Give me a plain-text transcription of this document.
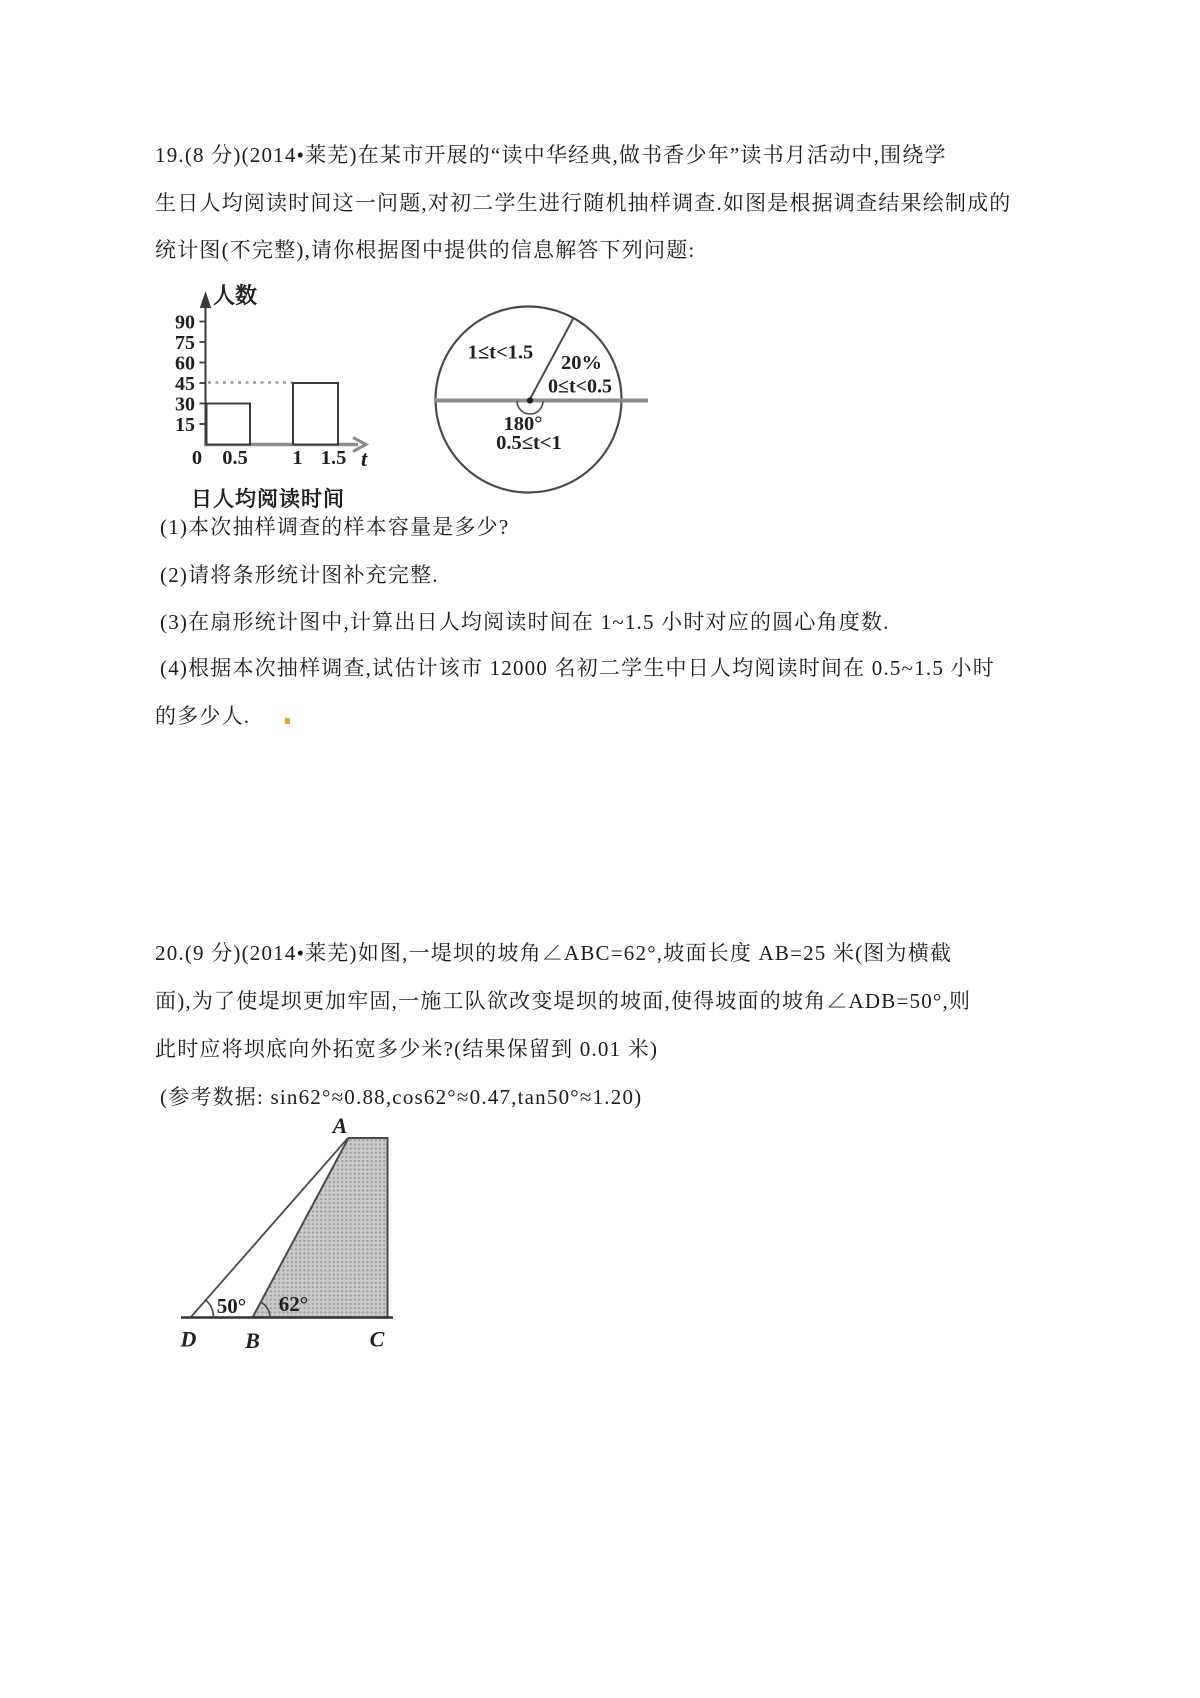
19.(8 分)(2014•莱芜)在某市开展的“读中华经典,做书香少年”读书月活动中,围绕学
生日人均阅读时间这一问题,对初二学生进行随机抽样调查.如图是根据调查结果绘制成的
统计图(不完整),请你根据图中提供的信息解答下列问题:
90
75
60
45
30
15
人数
0 0.5 1 1.5 t
1≤t<1.5 20%
0≤t<0.5
180°
0.5≤t<1
日人均阅读时间
(1)本次抽样调查的样本容量是多少?
(2)请将条形统计图补充完整.
(3)在扇形统计图中,计算出日人均阅读时间在 1~1.5 小时对应的圆心角度数.
(4)根据本次抽样调查,试估计该市 12000 名初二学生中日人均阅读时间在 0.5~1.5 小时
的多少人.
20.(9 分)(2014•莱芜)如图,一堤坝的坡角∠ABC=62°,坡面长度 AB=25 米(图为横截
面),为了使堤坝更加牢固,一施工队欲改变堤坝的坡面,使得坡面的坡角∠ADB=50°,则
此时应将坝底向外拓宽多少米?(结果保留到 0.01 米)
(参考数据: sin62°≈0.88,cos62°≈0.47,tan50°≈1.20)
A
D B	C
50° 62°
